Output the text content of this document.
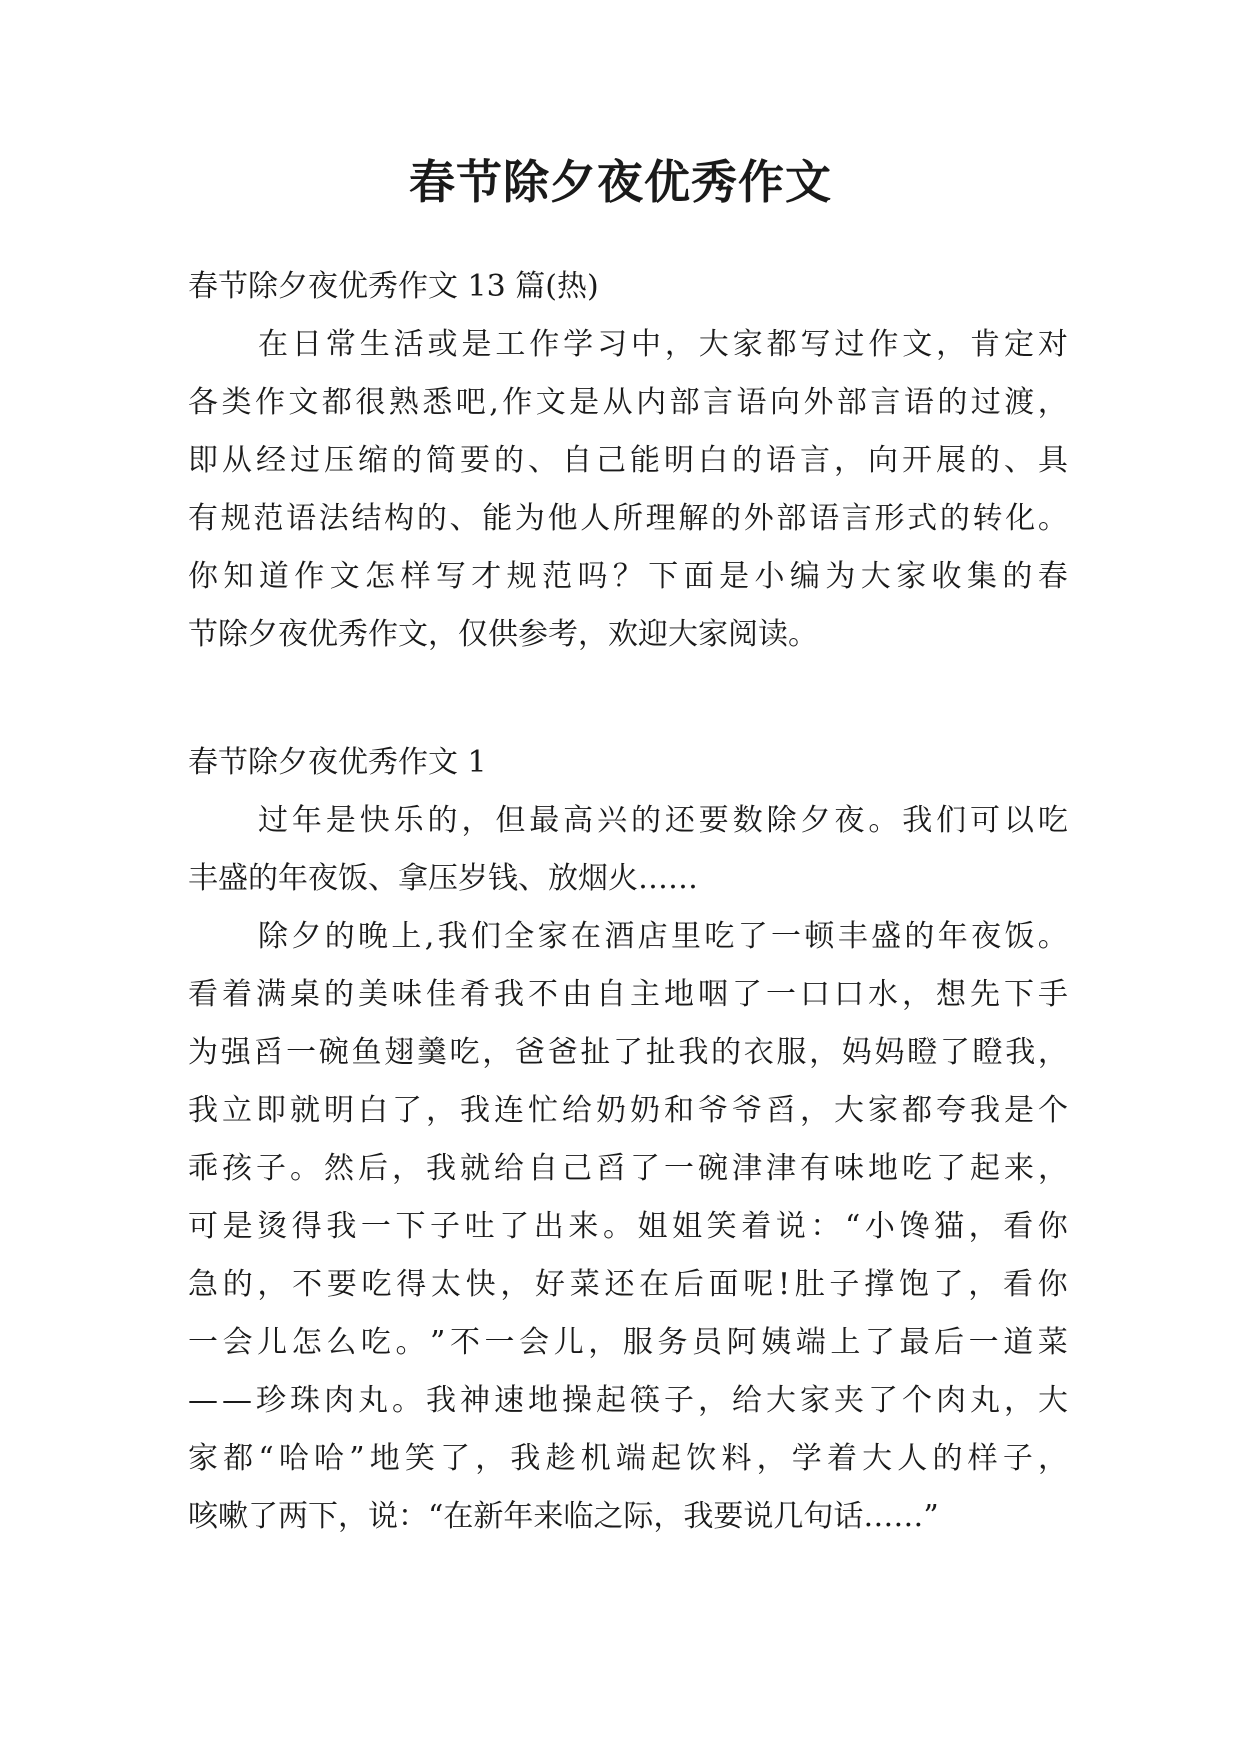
春节除夕夜优秀作文
春节除夕夜优秀作文 13 篇(热)
在 日 常 生 活 或 是 工 作 学 习 中 ， 大 家 都 写 过 作 文 ， 肯 定 对
各 类 作 文 都 很 熟 悉 吧 , 作 文 是 从 内 部 言 语 向 外 部 言 语 的 过 渡 ，
即 从 经 过 压 缩 的 简 要 的 、 自 己 能 明 白 的 语 言 ， 向 开 展 的 、 具
有 规 范 语 法 结 构 的 、 能 为 他 人 所 理 解 的 外 部 语 言 形 式 的 转 化 。
你 知 道 作 文 怎 样 写 才 规 范 吗 ？ 下 面 是 小 编 为 大 家 收 集 的 春
节除夕夜优秀作文，仅供参考，欢迎大家阅读。
春节除夕夜优秀作文 1
过 年 是 快 乐 的 ， 但 最 高 兴 的 还 要 数 除 夕 夜 。 我 们 可 以 吃
丰盛的年夜饭、拿压岁钱、放烟火……
除 夕 的 晚 上 , 我 们 全 家 在 酒 店 里 吃 了 一 顿 丰 盛 的 年 夜 饭 。
看 着 满 桌 的 美 味 佳 肴 我 不 由 自 主 地 咽 了 一 口 口 水 ， 想 先 下 手
为 强 舀 一 碗 鱼 翅 羹 吃 ， 爸 爸 扯 了 扯 我 的 衣 服 ， 妈 妈 瞪 了 瞪 我 ，
我 立 即 就 明 白 了 ， 我 连 忙 给 奶 奶 和 爷 爷 舀 ， 大 家 都 夸 我 是 个
乖 孩 子 。 然 后 ， 我 就 给 自 己 舀 了 一 碗 津 津 有 味 地 吃 了 起 来 ，
可 是 烫 得 我 一 下 子 吐 了 出 来 。 姐 姐 笑 着 说 ： “ 小 馋 猫 ， 看 你
急 的 ， 不 要 吃 得 太 快 ， 好 菜 还 在 后 面 呢 ! 肚 子 撑 饱 了 ， 看 你
一 会 儿 怎 么 吃 。 ” 不 一 会 儿 ， 服 务 员 阿 姨 端 上 了 最 后 一 道 菜
— — 珍 珠 肉 丸 。 我 神 速 地 操 起 筷 子 ， 给 大 家 夹 了 个 肉 丸 ， 大
家 都 “ 哈 哈 ” 地 笑 了 ， 我 趁 机 端 起 饮 料 ， 学 着 大 人 的 样 子 ，
咳嗽了两下，说：“在新年来临之际，我要说几句话……”
